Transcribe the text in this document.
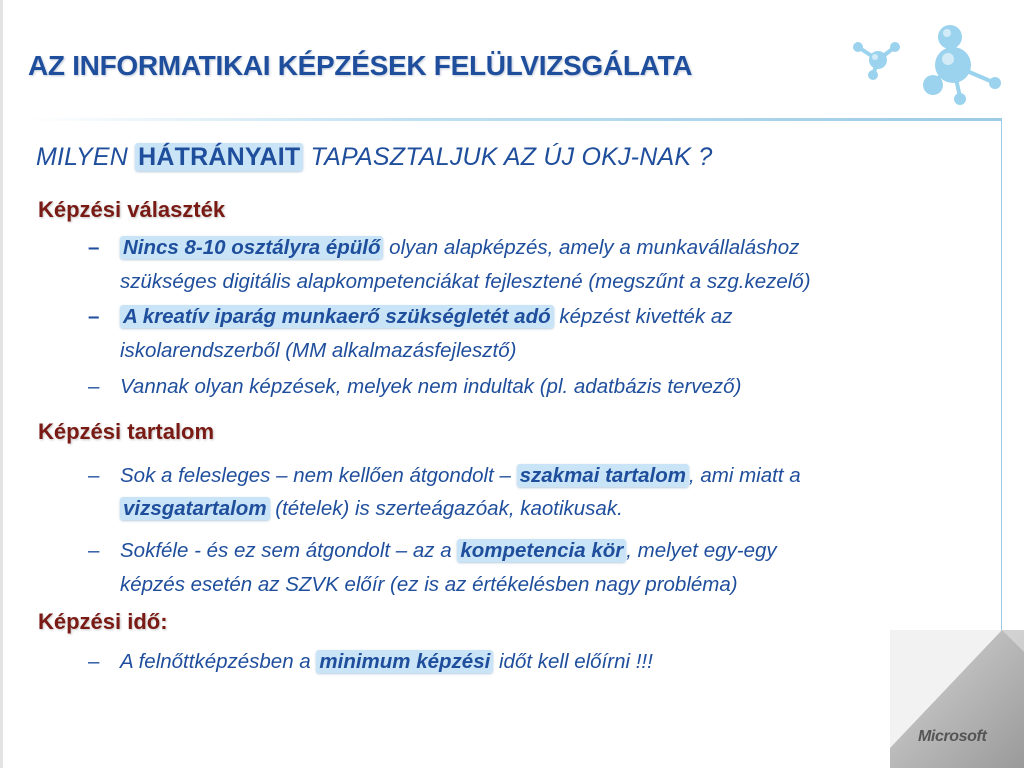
AZ INFORMATIKAI KÉPZÉSEK FELÜLVIZSGÁLATA
MILYEN HÁTRÁNYAIT TAPASZTALJUK AZ ÚJ OKJ-NAK ?
Képzési választék
– Nincs 8-10 osztályra épülő olyan alapképzés, amely a munkavállaláshoz
szükséges digitális alapkompetenciákat fejlesztené (megszűnt a szg.kezelő)
– A kreatív iparág munkaerő szükségletét adó képzést kivették az
iskolarendszerből (MM alkalmazásfejlesztő)
– Vannak olyan képzések, melyek nem indultak (pl. adatbázis tervező)
Képzési tartalom
– Sok a felesleges – nem kellően átgondolt – szakmai tartalom , ami miatt a
vizsgatartalom (tételek) is szerteágazóak, kaotikusak.
– Sokféle - és ez sem átgondolt – az a kompetencia kör , melyet egy-egy
képzés esetén az SZVK előír (ez is az értékelésben nagy probléma)
Képzési idő:
– A felnőttképzésben a minimum képzési időt kell előírni !!!
Microsoft
